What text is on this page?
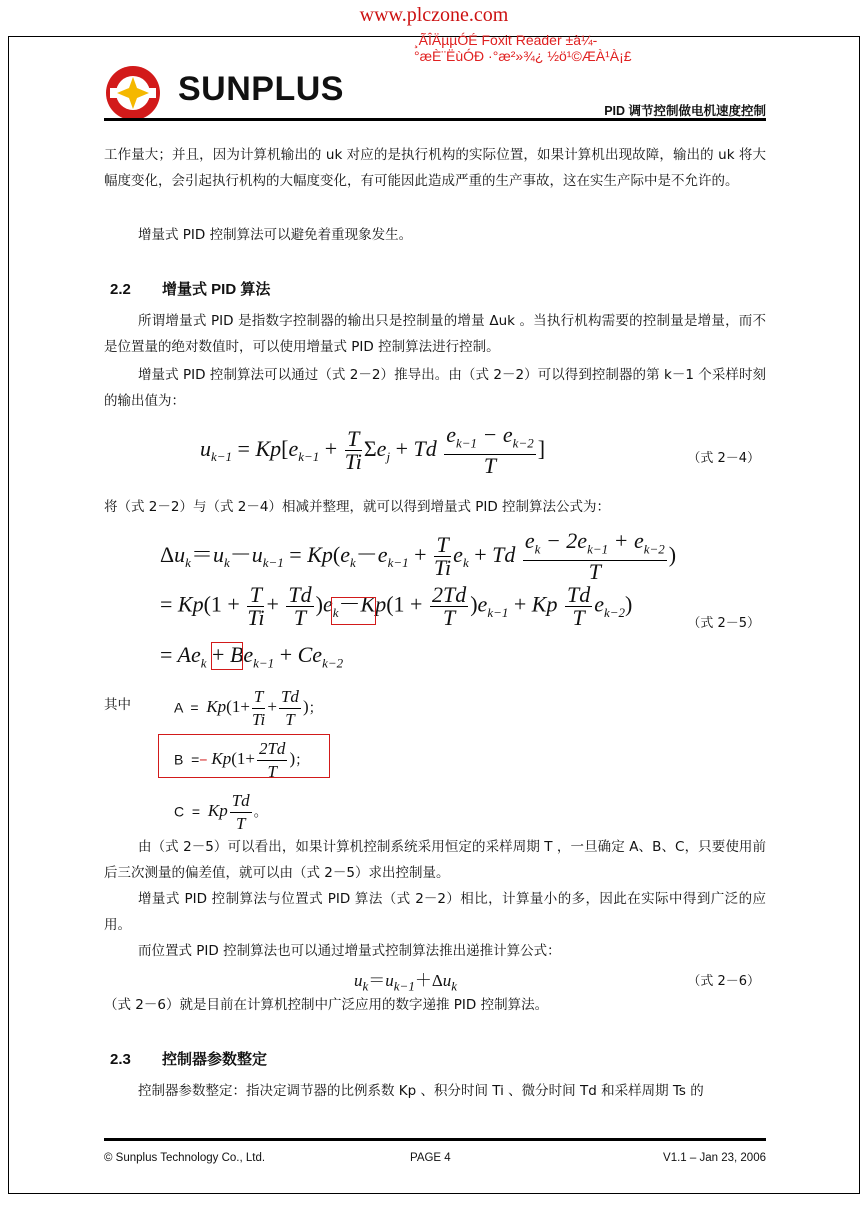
www.plczone.com
¸ÃÎÄµµÓÉ Foxit Reader ±à¼ °æÈ¨ËùÓÐ ·°æ²»¾¿ ½ö¹©ÆÀ¹À¡£
SUNPLUS
PID 调节控制做电机速度控制
工作量大；并且，因为计算机输出的 uk 对应的是执行机构的实际位置，如果计算机出现故障，输出的 uk 将大幅度变化，会引起执行机构的大幅度变化，有可能因此造成严重的生产事故，这在实生产际中是不允许的。
增量式 PID 控制算法可以避免着重现象发生。
2.2 增量式 PID 算法
所谓增量式 PID 是指数字控制器的输出只是控制量的增量 Δuk 。当执行机构需要的控制量是增量，而不是位置量的绝对数值时，可以使用增量式 PID 控制算法进行控制。
增量式 PID 控制算法可以通过（式 2－2）推导出。由（式 2－2）可以得到控制器的第 k－1 个采样时刻的输出值为：
$u_{k-1} = Kp[e_{k-1} + \frac{T}{Ti} \Sigma e_j + Td \frac{e_{k-1} - e_{k-2}}{T}$ ]	（式 2－4）
将（式 2－2）与（式 2－4）相减并整理，就可以得到增量式 PID 控制算法公式为：
$\Delta u_k=u_k-u_{k-1} = Kp(e_k-e_{k-1} + \frac{T}{Ti} e_k + Td \frac{e_k - 2e_{k-1} + e_{k-2}}{T}$ )
= $Kp(1 + \frac{T}{Ti} + \frac{Td}{T} )e_k-Kp(1 + \frac{2Td}{T} )e_{k-1} + Kp \frac{Td}{T} e_{k-2}$)
（式 2－5）
= $Ae_k + Be_{k-1} + Ce_{k-2}$
其中	$A = Kp(1+ \frac{T}{Ti} + \frac{Td}{T}$ )；
$B =- Kp(1+ \frac{2Td}{T}$ )；
C  =  Kp $\frac{Td}{T}$ 。
由（式 2－5）可以看出，如果计算机控制系统采用恒定的采样周期 T ，一旦确定 A、B、C，只要使用前后三次测量的偏差值，就可以由（式 2－5）求出控制量。
增量式 PID 控制算法与位置式 PID 算法（式 2－2）相比，计算量小的多，因此在实际中得到广泛的应用。
而位置式 PID 控制算法也可以通过增量式控制算法推出递推计算公式：
$u_k=u_{k-1}+\Delta u_k$	（式 2－6）
（式 2－6）就是目前在计算机控制中广泛应用的数字递推 PID 控制算法。
2.3 控制器参数整定
控制器参数整定：指决定调节器的比例系数 Kp 、积分时间 Ti 、微分时间 Td 和采样周期 Ts 的
© Sunplus Technology Co., Ltd.	PAGE 4	V1.1 – Jan 23, 2006
